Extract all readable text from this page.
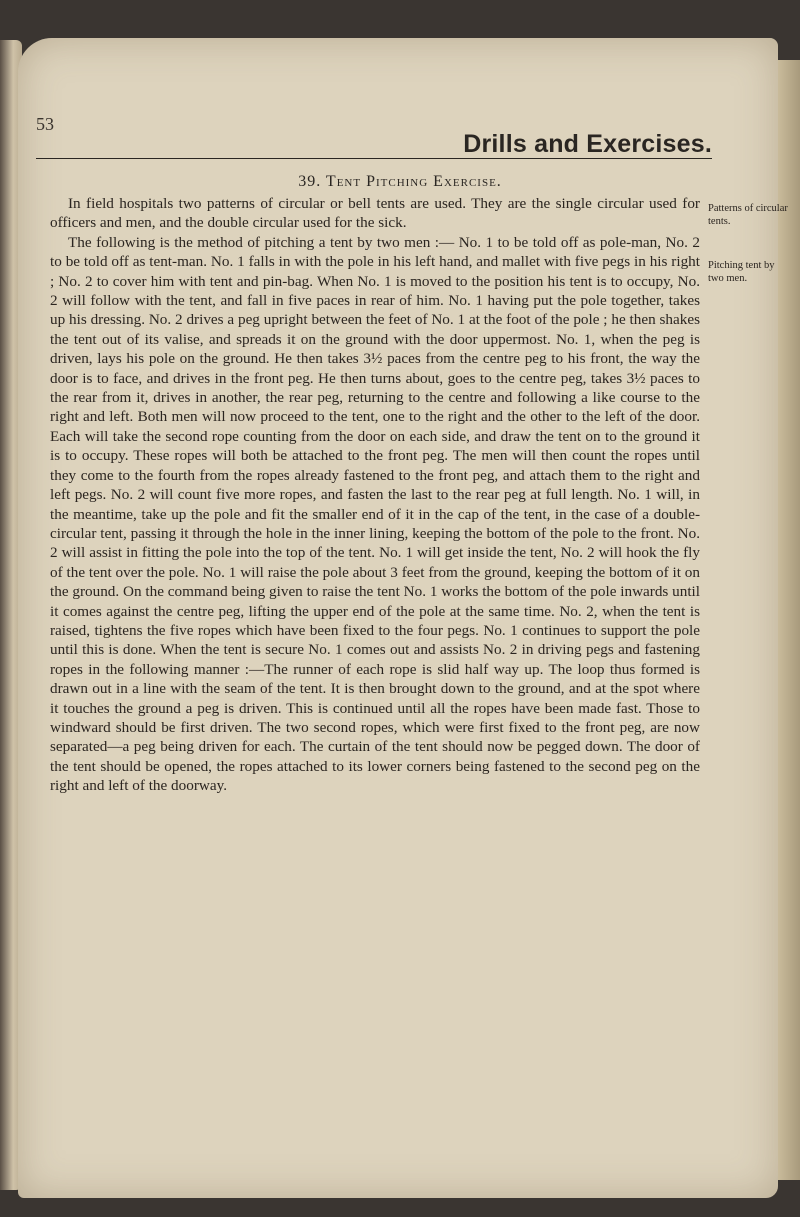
53
Drills and Exercises.
39. Tent Pitching Exercise.
Patterns of circular tents.
Pitching tent by two men.

In field hospitals two patterns of circular or bell tents are used. They are the single circular used for officers and men, and the double circular used for the sick.

The following is the method of pitching a tent by two men :— No. 1 to be told off as pole-man, No. 2 to be told off as tent-man. No. 1 falls in with the pole in his left hand, and mallet with five pegs in his right ; No. 2 to cover him with tent and pin-bag. When No. 1 is moved to the position his tent is to occupy, No. 2 will follow with the tent, and fall in five paces in rear of him. No. 1 having put the pole together, takes up his dressing. No. 2 drives a peg upright between the feet of No. 1 at the foot of the pole ; he then shakes the tent out of its valise, and spreads it on the ground with the door uppermost. No. 1, when the peg is driven, lays his pole on the ground. He then takes 3½ paces from the centre peg to his front, the way the door is to face, and drives in the front peg. He then turns about, goes to the centre peg, takes 3½ paces to the rear from it, drives in another, the rear peg, returning to the centre and following a like course to the right and left. Both men will now proceed to the tent, one to the right and the other to the left of the door. Each will take the second rope counting from the door on each side, and draw the tent on to the ground it is to occupy. These ropes will both be attached to the front peg. The men will then count the ropes until they come to the fourth from the ropes already fastened to the front peg, and attach them to the right and left pegs. No. 2 will count five more ropes, and fasten the last to the rear peg at full length. No. 1 will, in the meantime, take up the pole and fit the smaller end of it in the cap of the tent, in the case of a double-circular tent, passing it through the hole in the inner lining, keeping the bottom of the pole to the front. No. 2 will assist in fitting the pole into the top of the tent. No. 1 will get inside the tent, No. 2 will hook the fly of the tent over the pole. No. 1 will raise the pole about 3 feet from the ground, keeping the bottom of it on the ground. On the command being given to raise the tent No. 1 works the bottom of the pole inwards until it comes against the centre peg, lifting the upper end of the pole at the same time. No. 2, when the tent is raised, tightens the five ropes which have been fixed to the four pegs. No. 1 continues to support the pole until this is done. When the tent is secure No. 1 comes out and assists No. 2 in driving pegs and fastening ropes in the following manner :—The runner of each rope is slid half way up. The loop thus formed is drawn out in a line with the seam of the tent. It is then brought down to the ground, and at the spot where it touches the ground a peg is driven. This is continued until all the ropes have been made fast. Those to windward should be first driven. The two second ropes, which were first fixed to the front peg, are now separated—a peg being driven for each. The curtain of the tent should now be pegged down. The door of the tent should be opened, the ropes attached to its lower corners being fastened to the second peg on the right and left of the doorway.
